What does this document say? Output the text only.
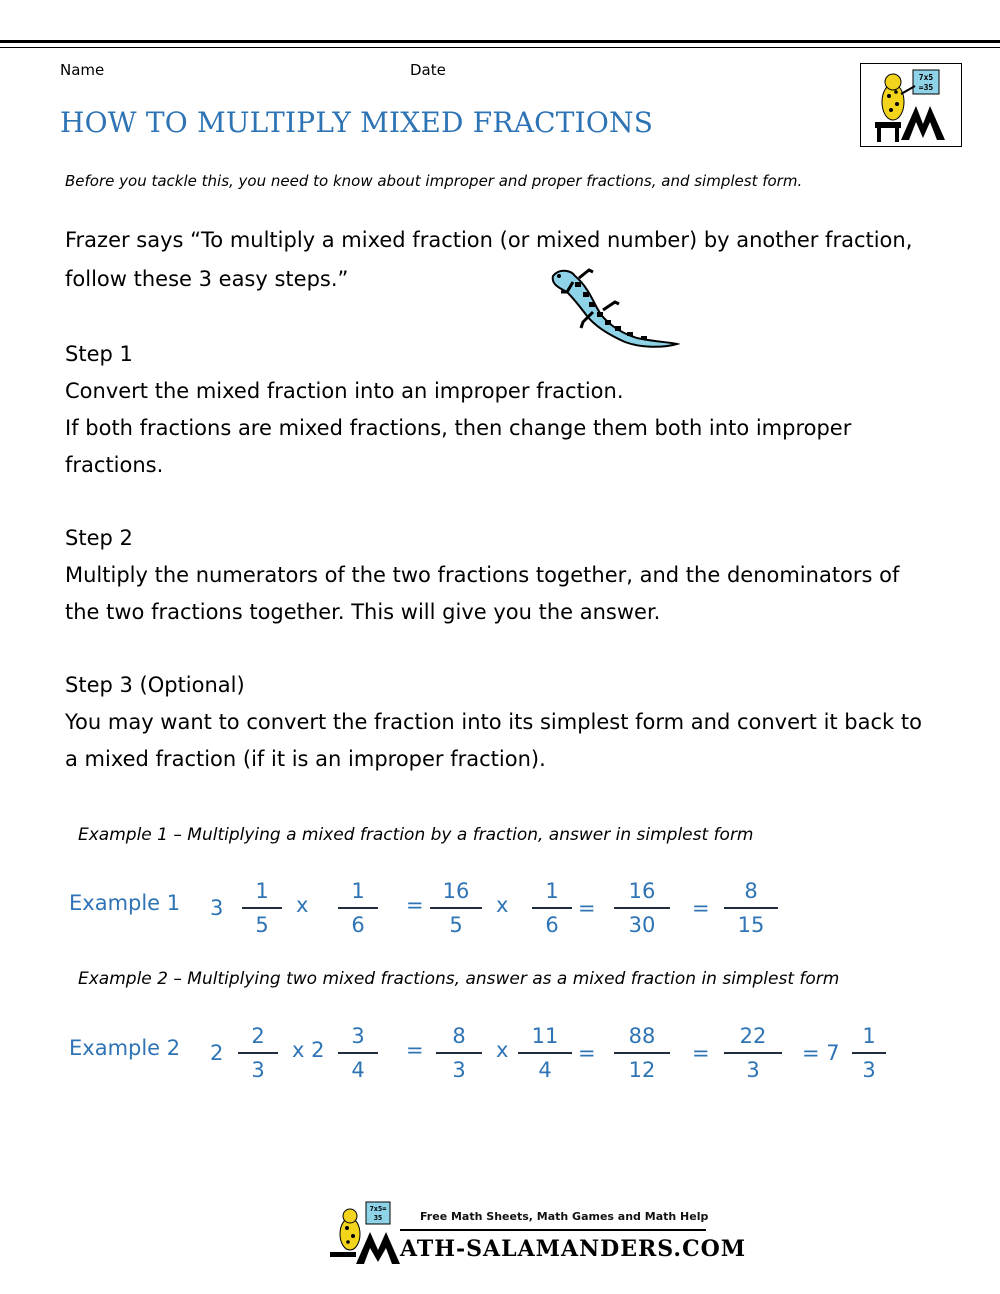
Name	Date	7x5
=35
HOW TO MULTIPLY MIXED FRACTIONS
Before you tackle this, you need to know about improper and proper fractions, and simplest form.
Frazer says “To multiply a mixed fraction (or mixed number) by another fraction,
follow these 3 easy steps.”
Step 1
Convert the mixed fraction into an improper fraction.
If both fractions are mixed fractions, then change them both into improper
fractions.
Step 2
Multiply the numerators of the two fractions together, and the denominators of
the two fractions together. This will give you the answer.
Step 3 (Optional)
You may want to convert the fraction into its simplest form and convert it back to
a mixed fraction (if it is an improper fraction).
Example 1 – Multiplying a mixed fraction by a fraction, answer in simplest form
Example 1 3
1
5
x
1
6
=
16
5
x
1
6
=
16
30
=
8
15
Example 2 – Multiplying two mixed fractions, answer as a mixed fraction in simplest form
Example 2 2
2
3
x 2
3
4
=
8
3
x
11
4
=
88
12
=
22
3
= 7
1
3
7x5=
35	Free Math Sheets, Math Games and Math Help
ATH-SALAMANDERS.COM
